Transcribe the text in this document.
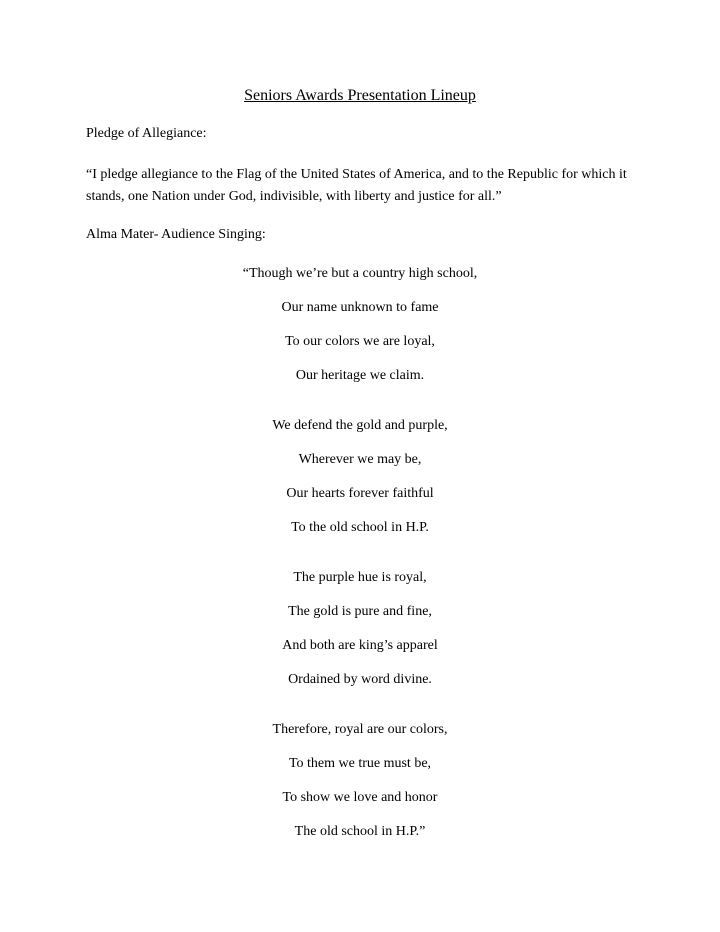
Seniors Awards Presentation Lineup
Pledge of Allegiance:
“I pledge allegiance to the Flag of the United States of America, and to the Republic for which it stands, one Nation under God, indivisible, with liberty and justice for all.”
Alma Mater- Audience Singing:
“Though we’re but a country high school,
Our name unknown to fame
To our colors we are loyal,
Our heritage we claim.
We defend the gold and purple,
Wherever we may be,
Our hearts forever faithful
To the old school in H.P.
The purple hue is royal,
The gold is pure and fine,
And both are king’s apparel
Ordained by word divine.
Therefore, royal are our colors,
To them we true must be,
To show we love and honor
The old school in H.P.”
